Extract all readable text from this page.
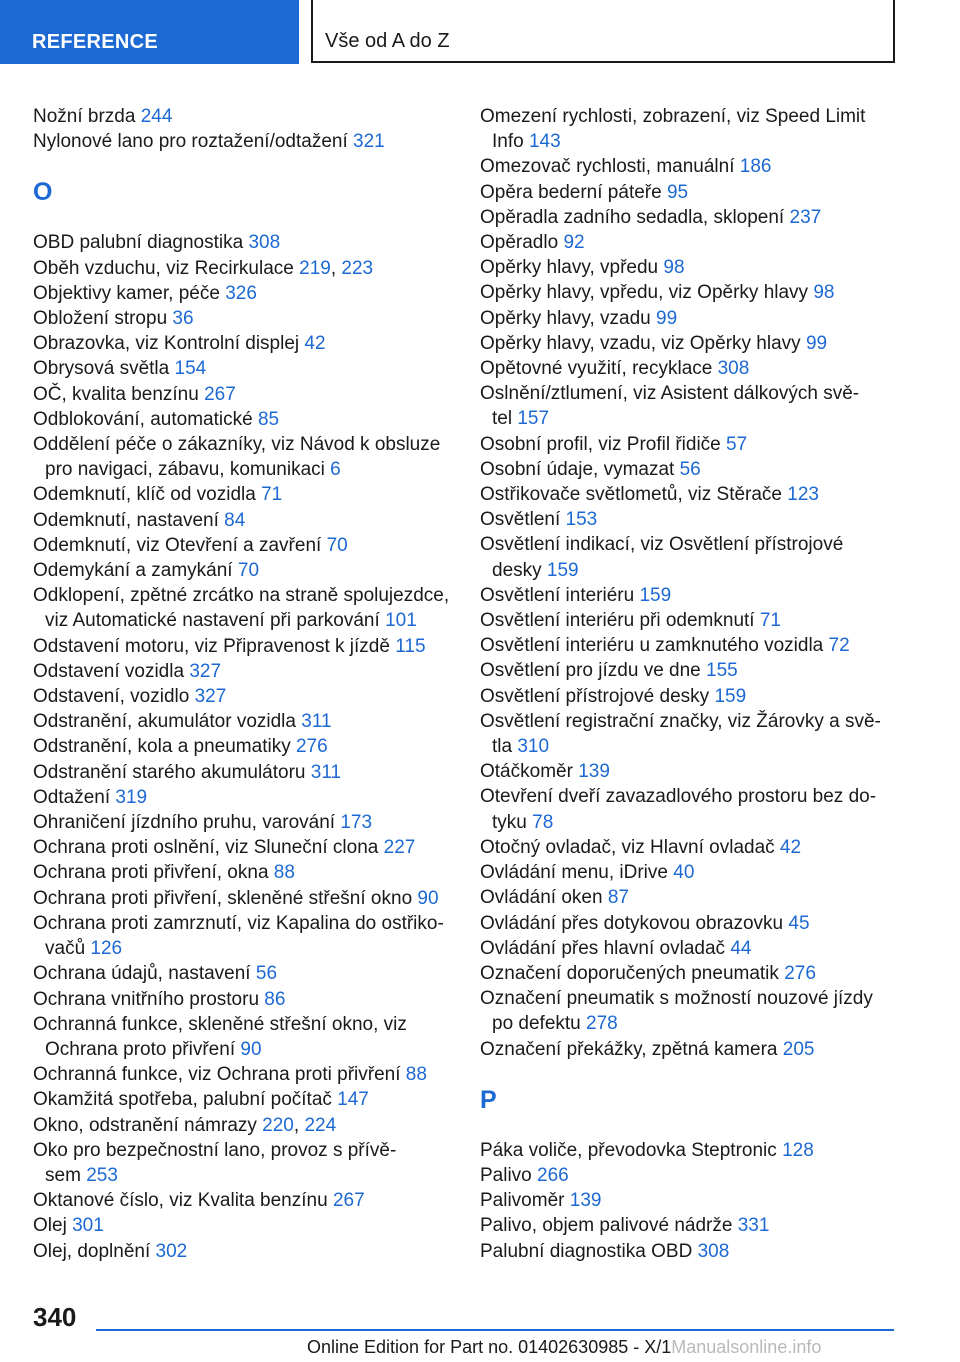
REFERENCE	Vše od A do Z
Nožní brzda 244
Nylonové lano pro roztažení/odtažení 321
O
OBD palubní diagnostika 308
Oběh vzduchu, viz Recirkulace 219, 223
Objektivy kamer, péče 326
Obložení stropu 36
Obrazovka, viz Kontrolní displej 42
Obrysová světla 154
OČ, kvalita benzínu 267
Odblokování, automatické 85
Oddělení péče o zákazníky, viz Návod k obsluze
pro navigaci, zábavu, komunikaci 6
Odemknutí, klíč od vozidla 71
Odemknutí, nastavení 84
Odemknutí, viz Otevření a zavření 70
Odemykání a zamykání 70
Odklopení, zpětné zrcátko na straně spolujezdce,
viz Automatické nastavení při parkování 101
Odstavení motoru, viz Připravenost k jízdě 115
Odstavení vozidla 327
Odstavení, vozidlo 327
Odstranění, akumulátor vozidla 311
Odstranění, kola a pneumatiky 276
Odstranění starého akumulátoru 311
Odtažení 319
Ohraničení jízdního pruhu, varování 173
Ochrana proti oslnění, viz Sluneční clona 227
Ochrana proti přivření, okna 88
Ochrana proti přivření, skleněné střešní okno 90
Ochrana proti zamrznutí, viz Kapalina do ostřiko-
vačů 126
Ochrana údajů, nastavení 56
Ochrana vnitřního prostoru 86
Ochranná funkce, skleněné střešní okno, viz
Ochrana proto přivření 90
Ochranná funkce, viz Ochrana proti přivření 88
Okamžitá spotřeba, palubní počítač 147
Okno, odstranění námrazy 220, 224
Oko pro bezpečnostní lano, provoz s přívě-
sem 253
Oktanové číslo, viz Kvalita benzínu 267
Olej 301
Olej, doplnění 302
Omezení rychlosti, zobrazení, viz Speed Limit
Info 143
Omezovač rychlosti, manuální 186
Opěra bederní páteře 95
Opěradla zadního sedadla, sklopení 237
Opěradlo 92
Opěrky hlavy, vpředu 98
Opěrky hlavy, vpředu, viz Opěrky hlavy 98
Opěrky hlavy, vzadu 99
Opěrky hlavy, vzadu, viz Opěrky hlavy 99
Opětovné využití, recyklace 308
Oslnění/ztlumení, viz Asistent dálkových svě-
tel 157
Osobní profil, viz Profil řidiče 57
Osobní údaje, vymazat 56
Ostřikovače světlometů, viz Stěrače 123
Osvětlení 153
Osvětlení indikací, viz Osvětlení přístrojové
desky 159
Osvětlení interiéru 159
Osvětlení interiéru při odemknutí 71
Osvětlení interiéru u zamknutého vozidla 72
Osvětlení pro jízdu ve dne 155
Osvětlení přístrojové desky 159
Osvětlení registrační značky, viz Žárovky a svě-
tla 310
Otáčkoměr 139
Otevření dveří zavazadlového prostoru bez do-
tyku 78
Otočný ovladač, viz Hlavní ovladač 42
Ovládání menu, iDrive 40
Ovládání oken 87
Ovládání přes dotykovou obrazovku 45
Ovládání přes hlavní ovladač 44
Označení doporučených pneumatik 276
Označení pneumatik s možností nouzové jízdy
po defektu 278
Označení překážky, zpětná kamera 205
P
Páka voliče, převodovka Steptronic 128
Palivo 266
Palivoměr 139
Palivo, objem palivové nádrže 331
Palubní diagnostika OBD 308
340
Online Edition for Part no. 01402630985 - X/1Manualsonline.info
